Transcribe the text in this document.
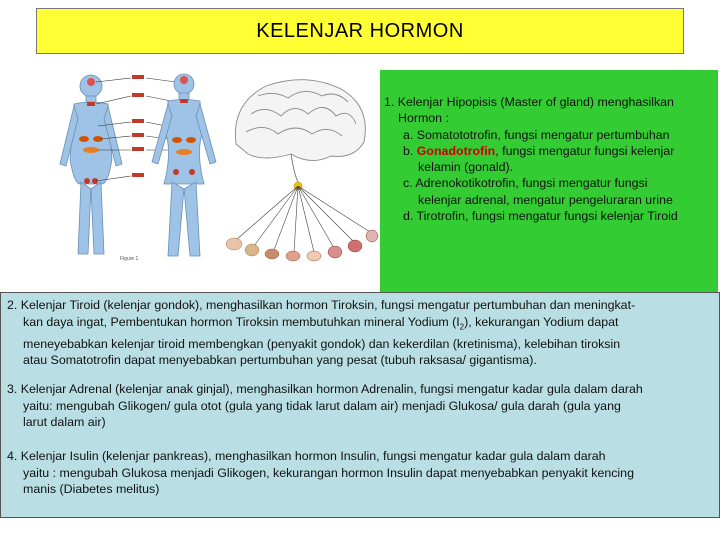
KELENJAR HORMON
Figure 1
1. Kelenjar Hipopisis (Master of gland) menghasilkan
Hormon :
a. Somatototrofin, fungsi mengatur pertumbuhan
b. Gonadotrofin, fungsi mengatur fungsi kelenjar
kelamin (gonald).
c. Adrenokotikotrofin, fungsi mengatur fungsi
kelenjar adrenal, mengatur pengeluraran urine
d. Tirotrofin, fungsi mengatur fungsi kelenjar Tiroid
2. Kelenjar Tiroid (kelenjar gondok), menghasilkan hormon Tiroksin, fungsi mengatur pertumbuhan dan meningkat-
kan daya ingat, Pembentukan hormon Tiroksin membutuhkan mineral Yodium $(I_2)$, kekurangan Yodium dapat
meneyebabkan kelenjar tiroid membengkan (penyakit gondok) dan kekerdilan (kretinisma), kelebihan tiroksin
atau Somatotrofin dapat menyebabkan pertumbuhan yang pesat (tubuh raksasa/ gigantisma).
3. Kelenjar Adrenal (kelenjar anak ginjal), menghasilkan hormon Adrenalin, fungsi mengatur kadar gula dalam darah
yaitu: mengubah Glikogen/ gula otot (gula yang tidak larut dalam air) menjadi Glukosa/ gula darah (gula yang
larut dalam air)
4. Kelenjar Isulin (kelenjar pankreas), menghasilkan hormon Insulin, fungsi mengatur kadar gula dalam darah
yaitu : mengubah Glukosa menjadi Glikogen, kekurangan hormon Insulin dapat menyebabkan penyakit kencing
manis (Diabetes melitus)
